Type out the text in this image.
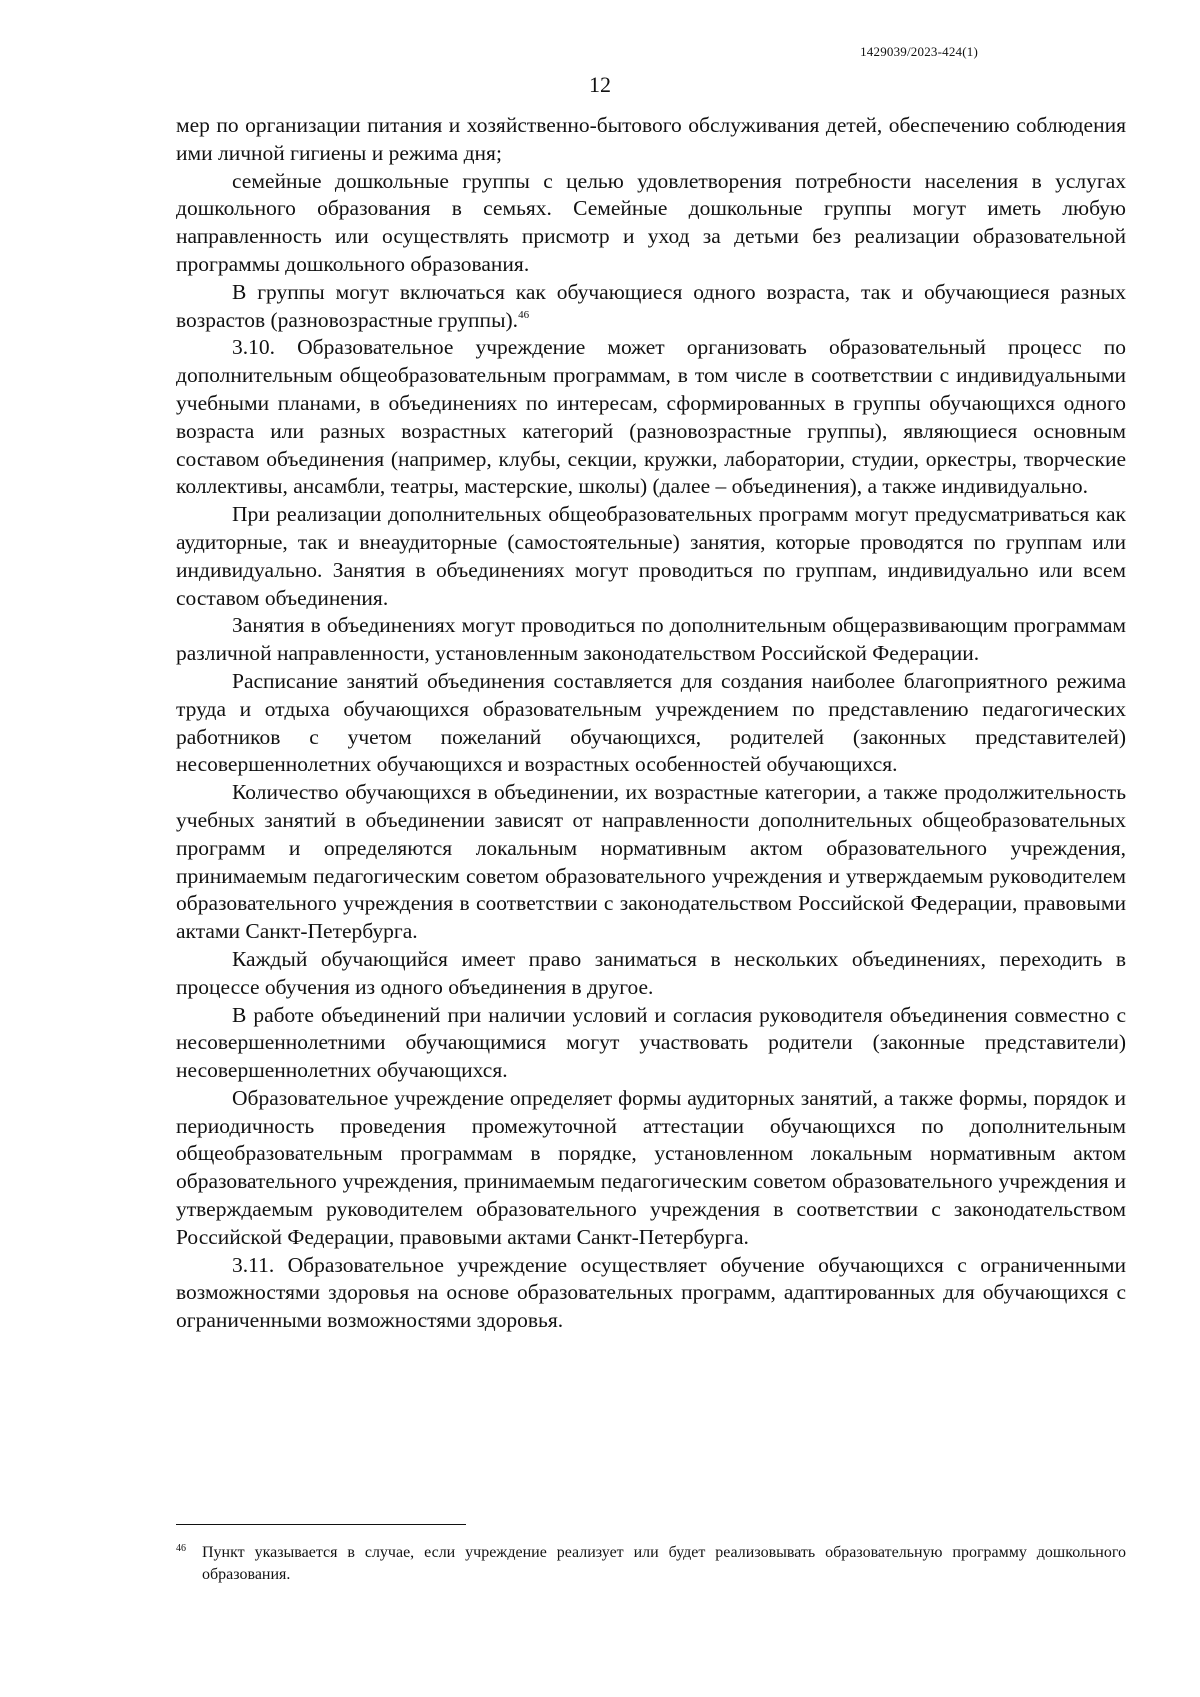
1429039/2023-424(1)
12

мер по организации питания и хозяйственно-бытового обслуживания детей, обеспечению соблюдения ими личной гигиены и режима дня;

семейные дошкольные группы с целью удовлетворения потребности населения в услугах дошкольного образования в семьях. Семейные дошкольные группы могут иметь любую направленность или осуществлять присмотр и уход за детьми без реализации образовательной программы дошкольного образования.

В группы могут включаться как обучающиеся одного возраста, так и обучающиеся разных возрастов (разновозрастные группы).$^{46}$

3.10. Образовательное учреждение может организовать образовательный процесс по дополнительным общеобразовательным программам, в том числе в соответствии с индивидуальными учебными планами, в объединениях по интересам, сформированных в группы обучающихся одного возраста или разных возрастных категорий (разновозрастные группы), являющиеся основным составом объединения (например, клубы, секции, кружки, лаборатории, студии, оркестры, творческие коллективы, ансамбли, театры, мастерские, школы) (далее – объединения), а также индивидуально.

При реализации дополнительных общеобразовательных программ могут предусматриваться как аудиторные, так и внеаудиторные (самостоятельные) занятия, которые проводятся по группам или индивидуально. Занятия в объединениях могут проводиться по группам, индивидуально или всем составом объединения.

Занятия в объединениях могут проводиться по дополнительным общеразвивающим программам различной направленности, установленным законодательством Российской Федерации.

Расписание занятий объединения составляется для создания наиболее благоприятного режима труда и отдыха обучающихся образовательным учреждением по представлению педагогических работников с учетом пожеланий обучающихся, родителей (законных представителей) несовершеннолетних обучающихся и возрастных особенностей обучающихся.

Количество обучающихся в объединении, их возрастные категории, а также продолжительность учебных занятий в объединении зависят от направленности дополнительных общеобразовательных программ и определяются локальным нормативным актом образовательного учреждения, принимаемым педагогическим советом образовательного учреждения и утверждаемым руководителем образовательного учреждения в соответствии с законодательством Российской Федерации, правовыми актами Санкт-Петербурга.

Каждый обучающийся имеет право заниматься в нескольких объединениях, переходить в процессе обучения из одного объединения в другое.

В работе объединений при наличии условий и согласия руководителя объединения совместно с несовершеннолетними обучающимися могут участвовать родители (законные представители) несовершеннолетних обучающихся.

Образовательное учреждение определяет формы аудиторных занятий, а также формы, порядок и периодичность проведения промежуточной аттестации обучающихся по дополнительным общеобразовательным программам в порядке, установленном локальным нормативным актом образовательного учреждения, принимаемым педагогическим советом образовательного учреждения и утверждаемым руководителем образовательного учреждения в соответствии с законодательством Российской Федерации, правовыми актами Санкт-Петербурга.

3.11. Образовательное учреждение осуществляет обучение обучающихся с ограниченными возможностями здоровья на основе образовательных программ, адаптированных для обучающихся с ограниченными возможностями здоровья.

46	Пункт указывается в случае, если учреждение реализует или будет реализовывать образовательную программу дошкольного образования.
